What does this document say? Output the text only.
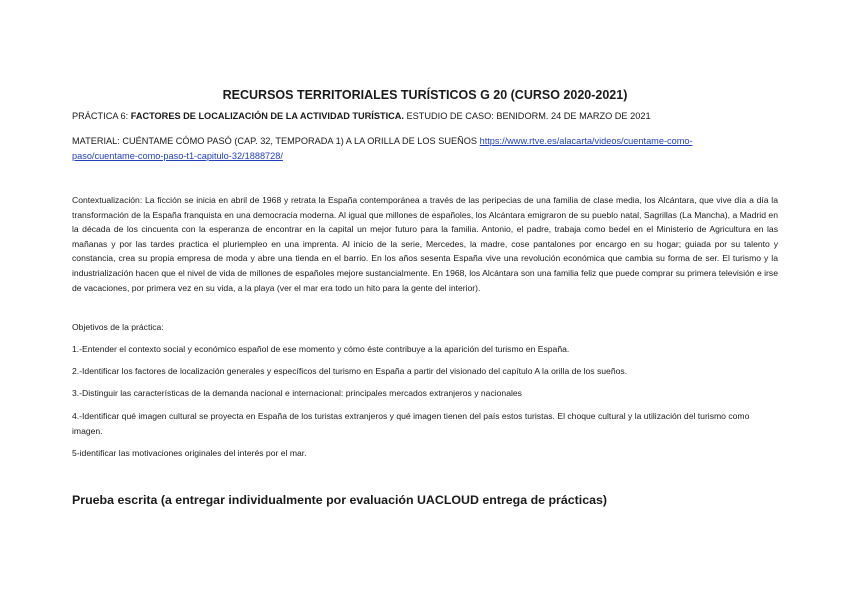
RECURSOS TERRITORIALES TURÍSTICOS G 20 (CURSO 2020-2021)
PRÁCTICA 6: FACTORES DE LOCALIZACIÓN DE LA ACTIVIDAD TURÍSTICA. ESTUDIO DE CASO: BENIDORM. 24 DE MARZO DE 2021
MATERIAL: CUÉNTAME CÓMO PASÓ (CAP. 32, TEMPORADA 1) A LA ORILLA DE LOS SUEÑOS https://www.rtve.es/alacarta/videos/cuentame-como-
paso/cuentame-como-paso-t1-capitulo-32/1888728/
Contextualización: La ficción se inicia en abril de 1968 y retrata la España contemporánea a través de las peripecias de una familia de clase media, los Alcántara, que vive día a día la transformación de la España franquista en una democracia moderna. Al igual que millones de españoles, los Alcántara emigraron de su pueblo natal, Sagrillas (La Mancha), a Madrid en la década de los cincuenta con la esperanza de encontrar en la capital un mejor futuro para la familia. Antonio, el padre, trabaja como bedel en el Ministerio de Agricultura en las mañanas y por las tardes practica el pluriempleo en una imprenta. Al inicio de la serie, Mercedes, la madre, cose pantalones por encargo en su hogar; guiada por su talento y constancia, crea su propia empresa de moda y abre una tienda en el barrio. En los años sesenta España vive una revolución económica que cambia su forma de ser. El turismo y la industrialización hacen que el nivel de vida de millones de españoles mejore sustancialmente. En 1968, los Alcántara son una familia feliz que puede comprar su primera televisión e irse de vacaciones, por primera vez en su vida, a la playa (ver el mar era todo un hito para la gente del interior).
Objetivos de la práctica:
1.-Entender el contexto social y económico español de ese momento y cómo éste contribuye a la aparición del turismo en España.
2.-Identificar los factores de localización generales y específicos del turismo en España a partir del visionado del capítulo A la orilla de los sueños.
3.-Distinguir las características de la demanda nacional e internacional: principales mercados extranjeros y nacionales
4.-Identificar qué imagen cultural se proyecta en España de los turistas extranjeros y qué imagen tienen del país estos turistas. El choque cultural y la utilización del turismo como imagen.
5-identificar las motivaciones originales del interés por el mar.
Prueba escrita (a entregar individualmente por evaluación UACLOUD entrega de prácticas)
